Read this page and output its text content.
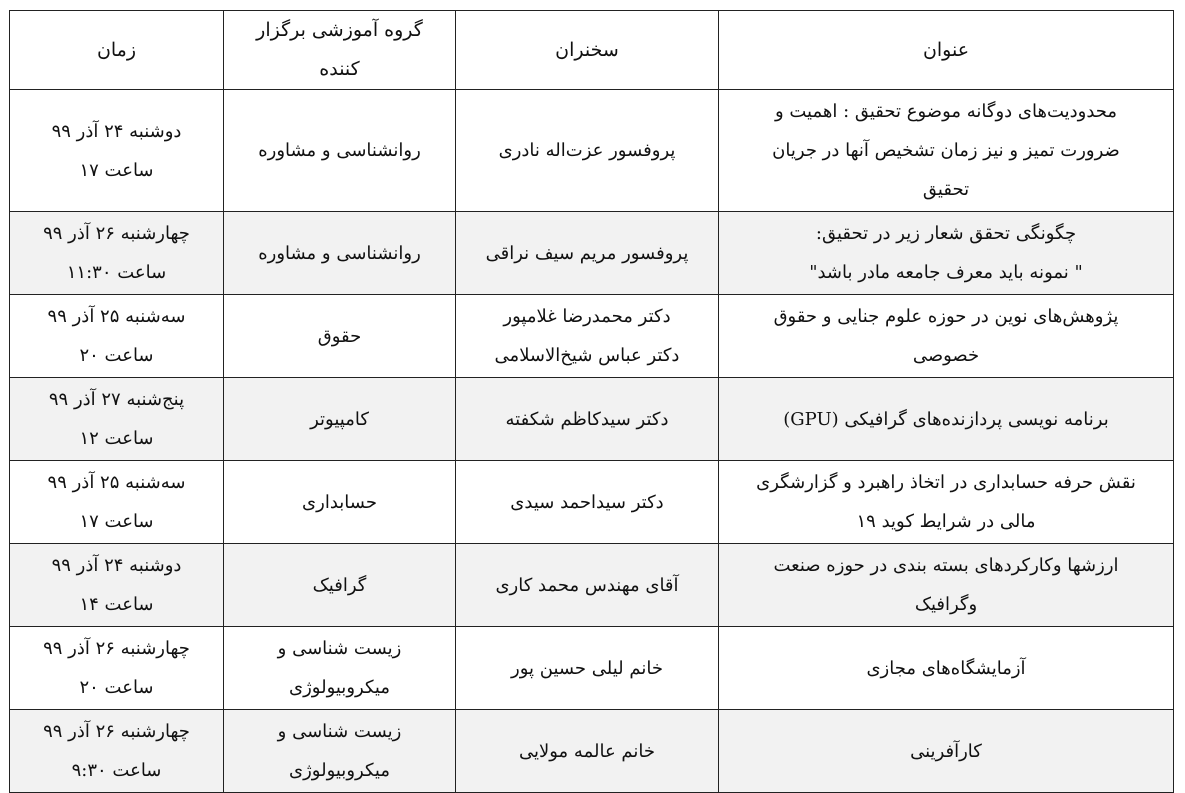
عنوان	سخنران	گروه آموزشی برگزار کننده	زمان

محدودیت‌های دوگانه موضوع تحقیق : اهمیت و
ضرورت تمیز و نیز زمان تشخیص آنها در جریان
تحقیق	پروفسور عزت‌اله نادری	روانشناسی و مشاوره	دوشنبه ۲۴ آذر ۹۹
ساعت ۱۷

چگونگی تحقق شعار زیر در تحقیق:
" نمونه باید معرف جامعه مادر باشد"	پروفسور مریم سیف نراقی	روانشناسی و مشاوره	چهارشنبه ۲۶ آذر ۹۹
ساعت ۱۱:۳۰

پژوهش‌های نوین در حوزه علوم جنایی و حقوق
خصوصی	دکتر محمدرضا غلامپور
دکتر عباس شیخ‌الاسلامی	حقوق	سه‌شنبه ۲۵ آذر ۹۹
ساعت ۲۰

برنامه نویسی پردازنده‌های گرافیکی (GPU)	دکتر سیدکاظم شکفته	کامپیوتر	پنج‌شنبه ۲۷ آذر ۹۹
ساعت ۱۲

نقش حرفه حسابداری در اتخاذ راهبرد و گزارشگری
مالی در شرایط کوید ۱۹	دکتر سیداحمد سیدی	حسابداری	سه‌شنبه ۲۵ آذر ۹۹
ساعت ۱۷

ارزشها وکارکردهای بسته بندی در حوزه صنعت
وگرافیک	آقای مهندس محمد کاری	گرافیک	دوشنبه ۲۴ آذر ۹۹
ساعت ۱۴

آزمایشگاه‌های مجازی	خانم لیلی حسین پور	زیست شناسی و
میکروبیولوژی	چهارشنبه ۲۶ آذر ۹۹
ساعت ۲۰

کارآفرینی	خانم عالمه مولایی	زیست شناسی و
میکروبیولوژی	چهارشنبه ۲۶ آذر ۹۹
ساعت ۹:۳۰
